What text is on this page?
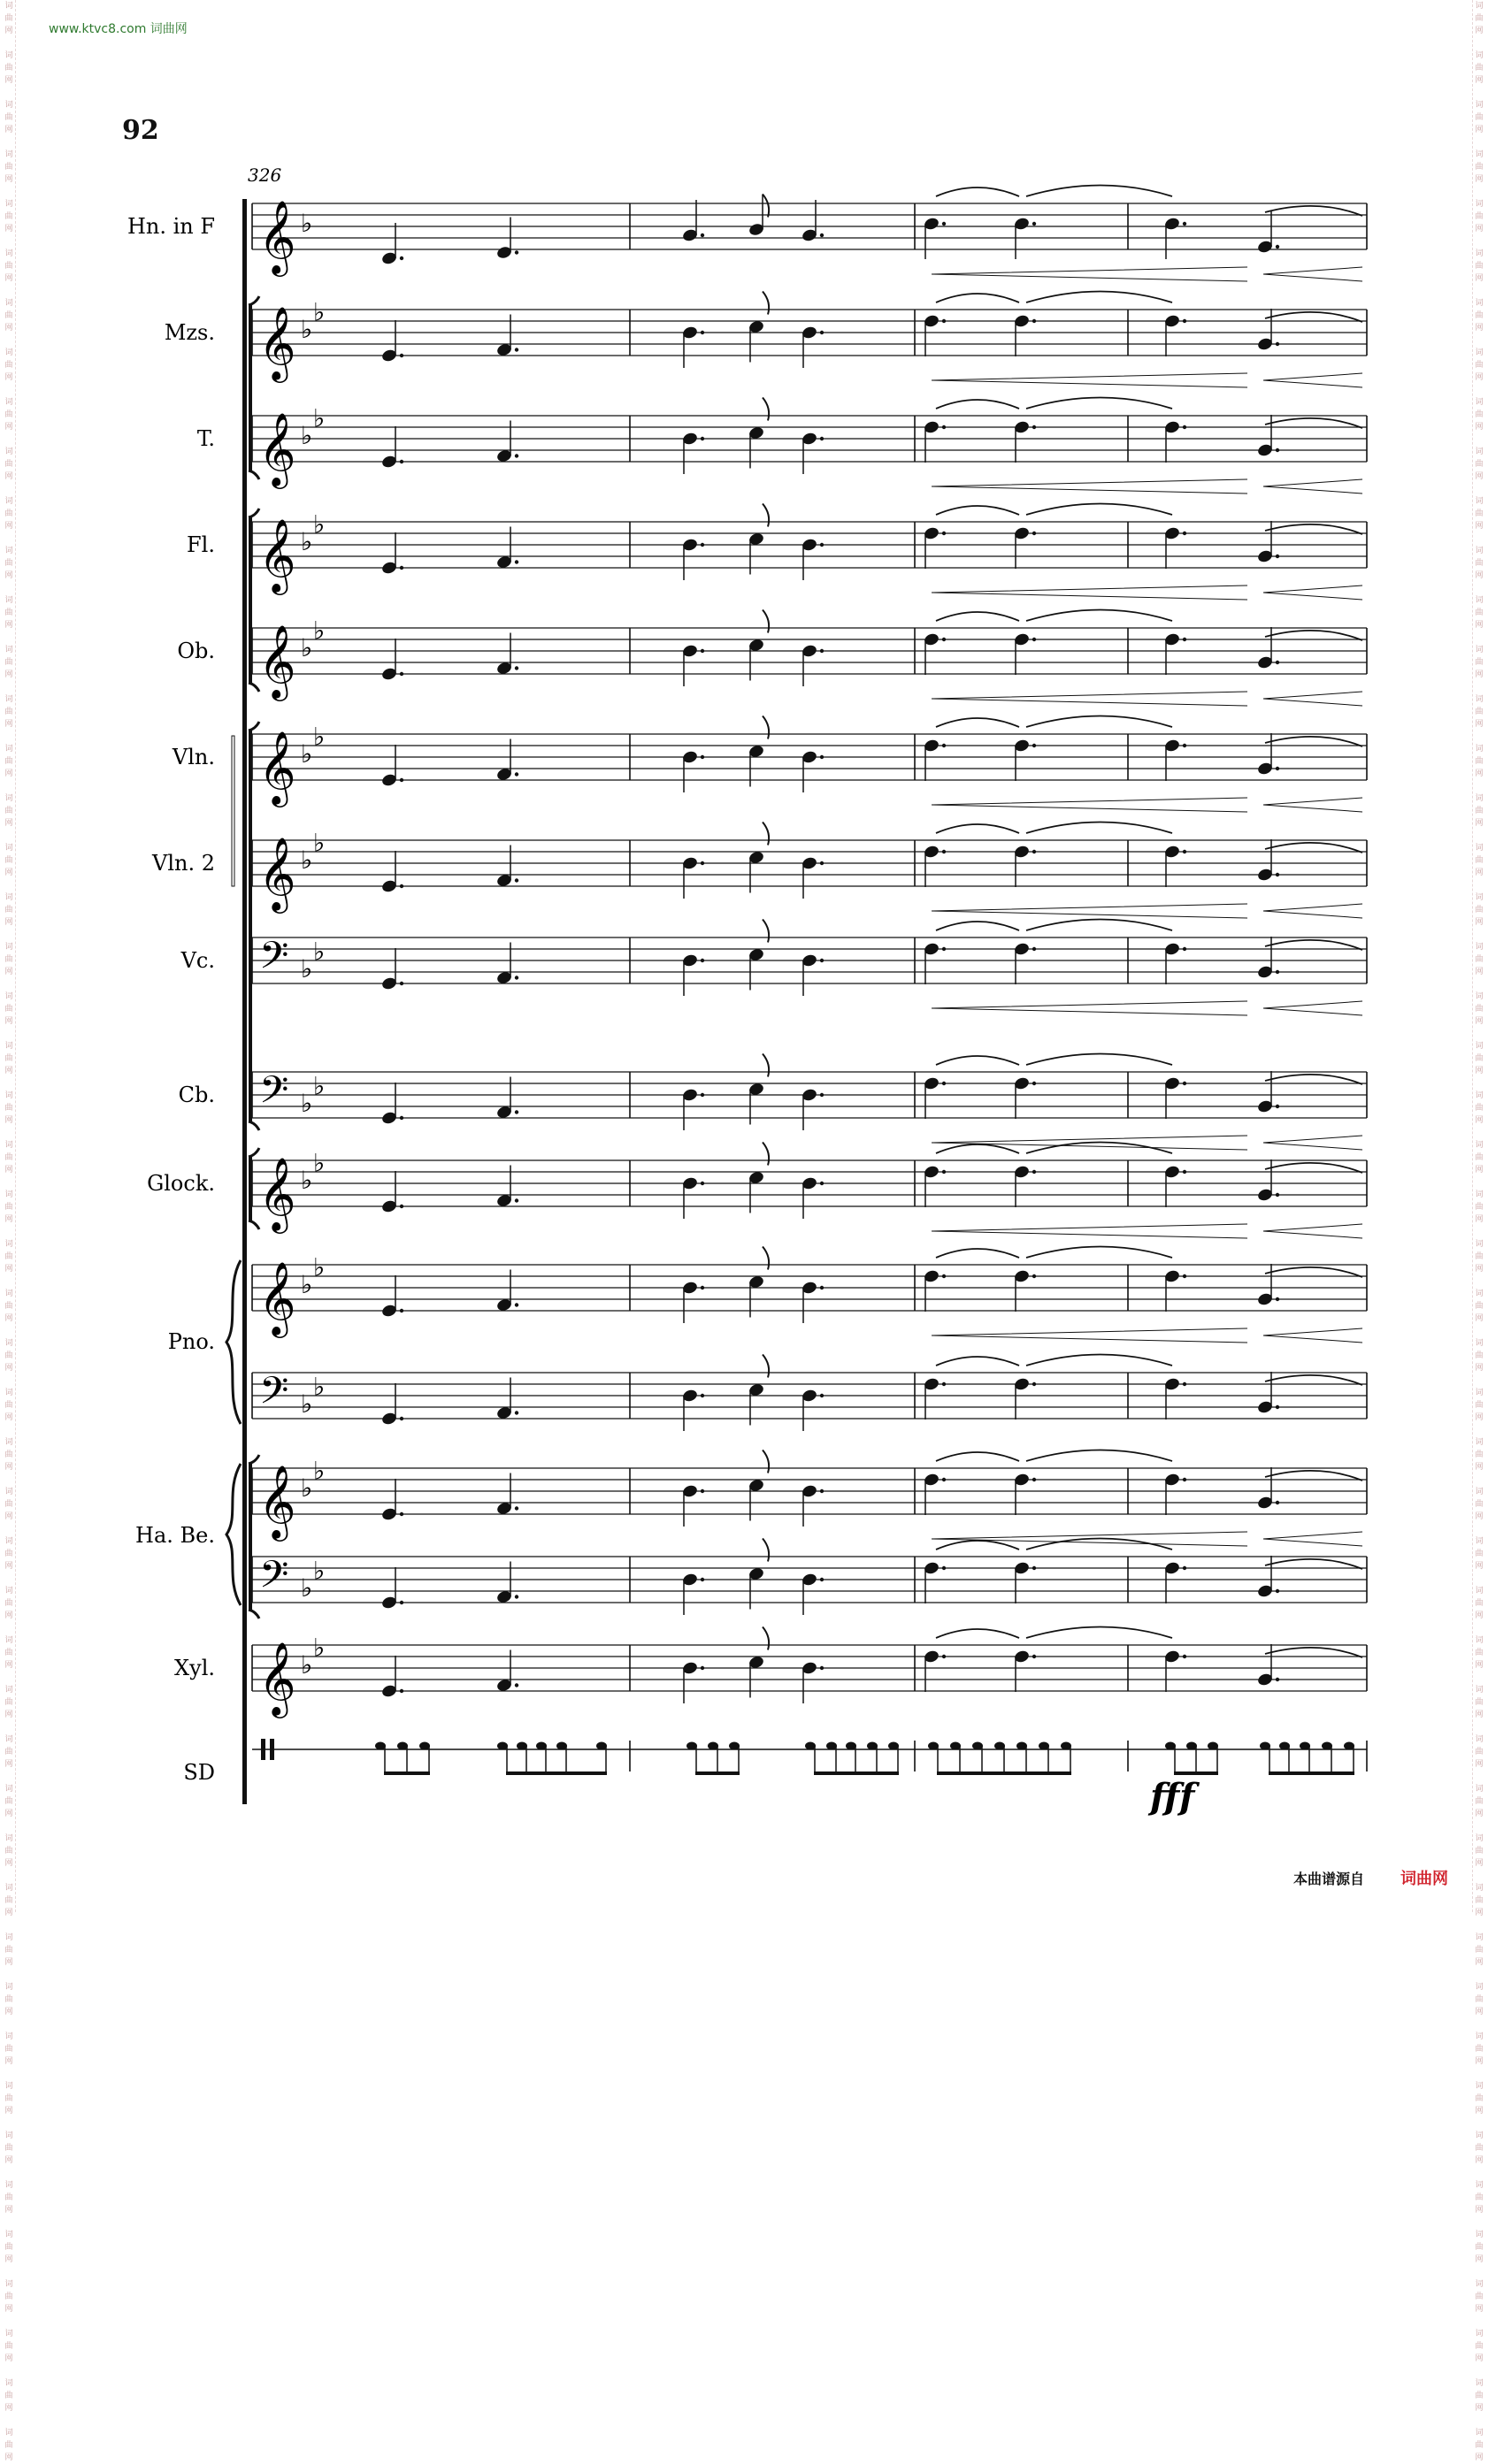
www.ktvc8.com 词曲网
词
曲
网

词
曲
网

词
曲
网

词
曲
网

词
曲
网

词
曲
网

词
曲
网

词
曲
网

词
曲
网

词
曲
网

词
曲
网

词
曲
网

词
曲
网

词
曲
网

词
曲
网

词
曲
网

词
曲
网

词
曲
网

词
曲
网

词
曲
网

词
曲
网

词
曲
网

词
曲
网

词
曲
网

词
曲
网

词
曲
网

词
曲
网

词
曲
网

词
曲
网

词
曲
网

词
曲
网

词
曲
网

词
曲
网

词
曲
网

词
曲
网

词
曲
网

词
曲
网

词
曲
网

词
曲
网

词
曲
网

词
曲
网

词
曲
网

词
曲
网

词
曲
网

词
曲
网

词
曲
网

词
曲
网

词
曲
网

词
曲
网

词
曲
网

词
曲
网

词
曲
网

词
曲
网

词
曲
网

词
曲
网

词
曲
网

词
曲
网

词
曲
网

词
曲
网

词
曲
网

词
曲
网

词
曲
网

词
曲
网

词
曲
网

词
曲
网

词
曲
网

词
曲
网

词
曲
网

词
曲
网

词
曲
网

词
曲
网

词
曲
网

词
曲
网

词
曲
网

词
曲
网

词
曲
网

词
曲
网

词
曲
网

词
曲
网

词
曲
网

词
曲
网

词
曲
网

词
曲
网

词
曲
网

词
曲
网

词
曲
网

词
曲
网

词
曲
网

词
曲
网

词
曲
网

词
曲
网

词
曲
网

词
曲
网

词
曲
网

词
曲
网

词
曲
网

词
曲
网

词
曲
网

词
曲
网

词
曲
网

92
326
fff
Hn. in F
Mzs.
T.
Fl.
Ob.
Vln.
Vln. 2
Vc.
Cb.
Glock.
Pno.
Ha. Be.
Xyl.
SD
𝄞 ♭
𝄞 ♭
♭
𝄞 ♭
♭
𝄞 ♭
♭
𝄞 ♭
♭
𝄞 ♭
♭
𝄞 ♭
♭
𝄢 ♭
♭
𝄢 ♭
♭
𝄞 ♭
♭
𝄞 ♭
♭
𝄢 ♭
♭
𝄞 ♭
♭
𝄢 ♭
♭
𝄞 ♭
♭
本曲谱源自 词曲网
